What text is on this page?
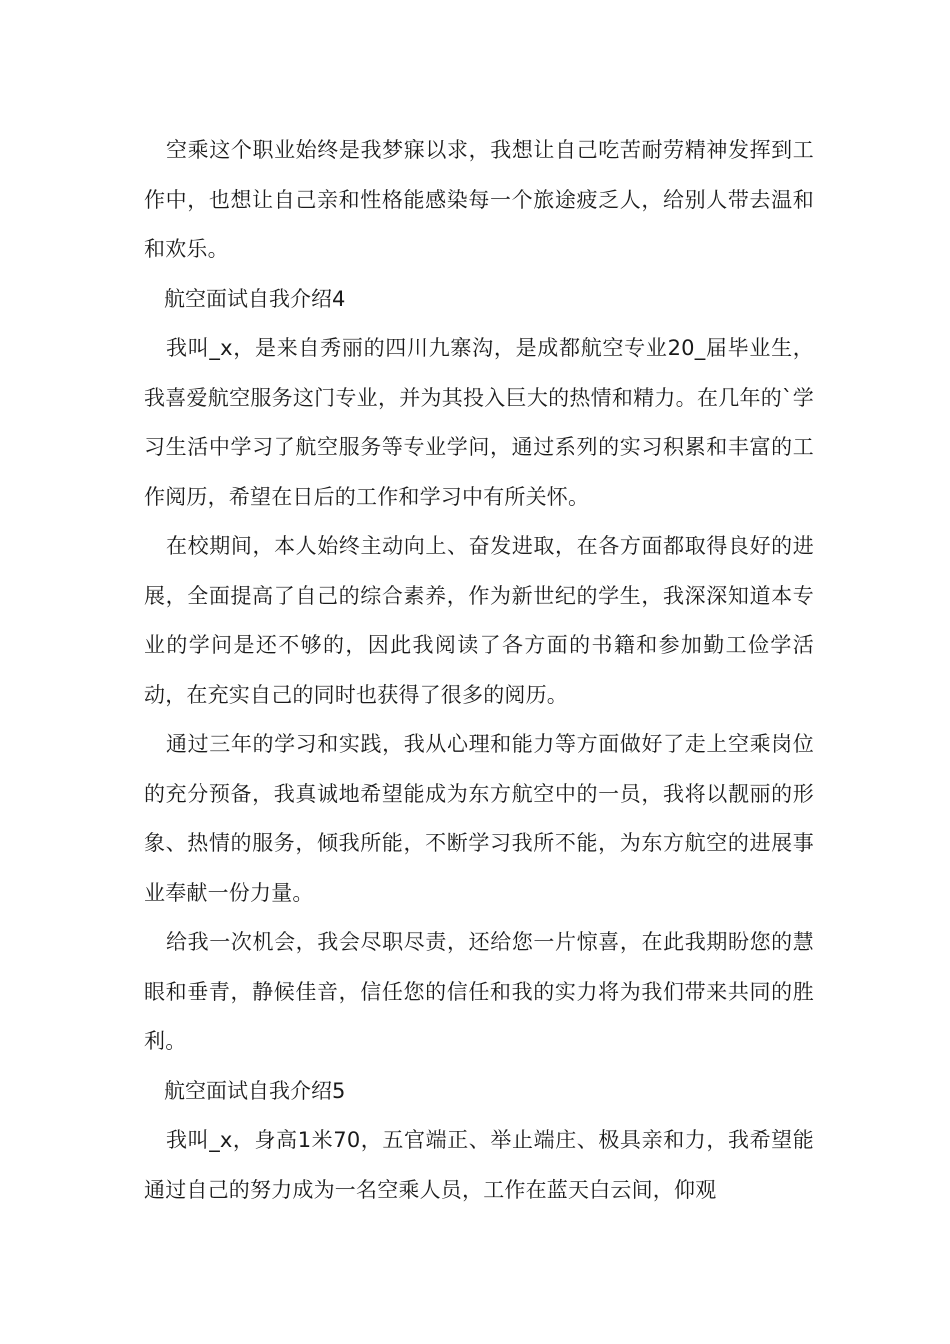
空乘这个职业始终是我梦寐以求，我想让自己吃苦耐劳精神发挥到工作中，也想让自己亲和性格能感染每一个旅途疲乏人，给别人带去温和和欢乐。

航空面试自我介绍4

我叫_x，是来自秀丽的四川九寨沟，是成都航空专业20_届毕业生，我喜爱航空服务这门专业，并为其投入巨大的热情和精力。在几年的`学习生活中学习了航空服务等专业学问，通过系列的实习积累和丰富的工作阅历，希望在日后的工作和学习中有所关怀。

在校期间，本人始终主动向上、奋发进取，在各方面都取得良好的进展，全面提高了自己的综合素养，作为新世纪的学生，我深深知道本专业的学问是还不够的，因此我阅读了各方面的书籍和参加勤工俭学活动，在充实自己的同时也获得了很多的阅历。

通过三年的学习和实践，我从心理和能力等方面做好了走上空乘岗位的充分预备，我真诚地希望能成为东方航空中的一员，我将以靓丽的形象、热情的服务，倾我所能，不断学习我所不能，为东方航空的进展事业奉献一份力量。

给我一次机会，我会尽职尽责，还给您一片惊喜，在此我期盼您的慧眼和垂青，静候佳音，信任您的信任和我的实力将为我们带来共同的胜利。

航空面试自我介绍5

我叫_x，身高1米70，五官端正、举止端庄、极具亲和力，我希望能通过自己的努力成为一名空乘人员，工作在蓝天白云间，仰观
